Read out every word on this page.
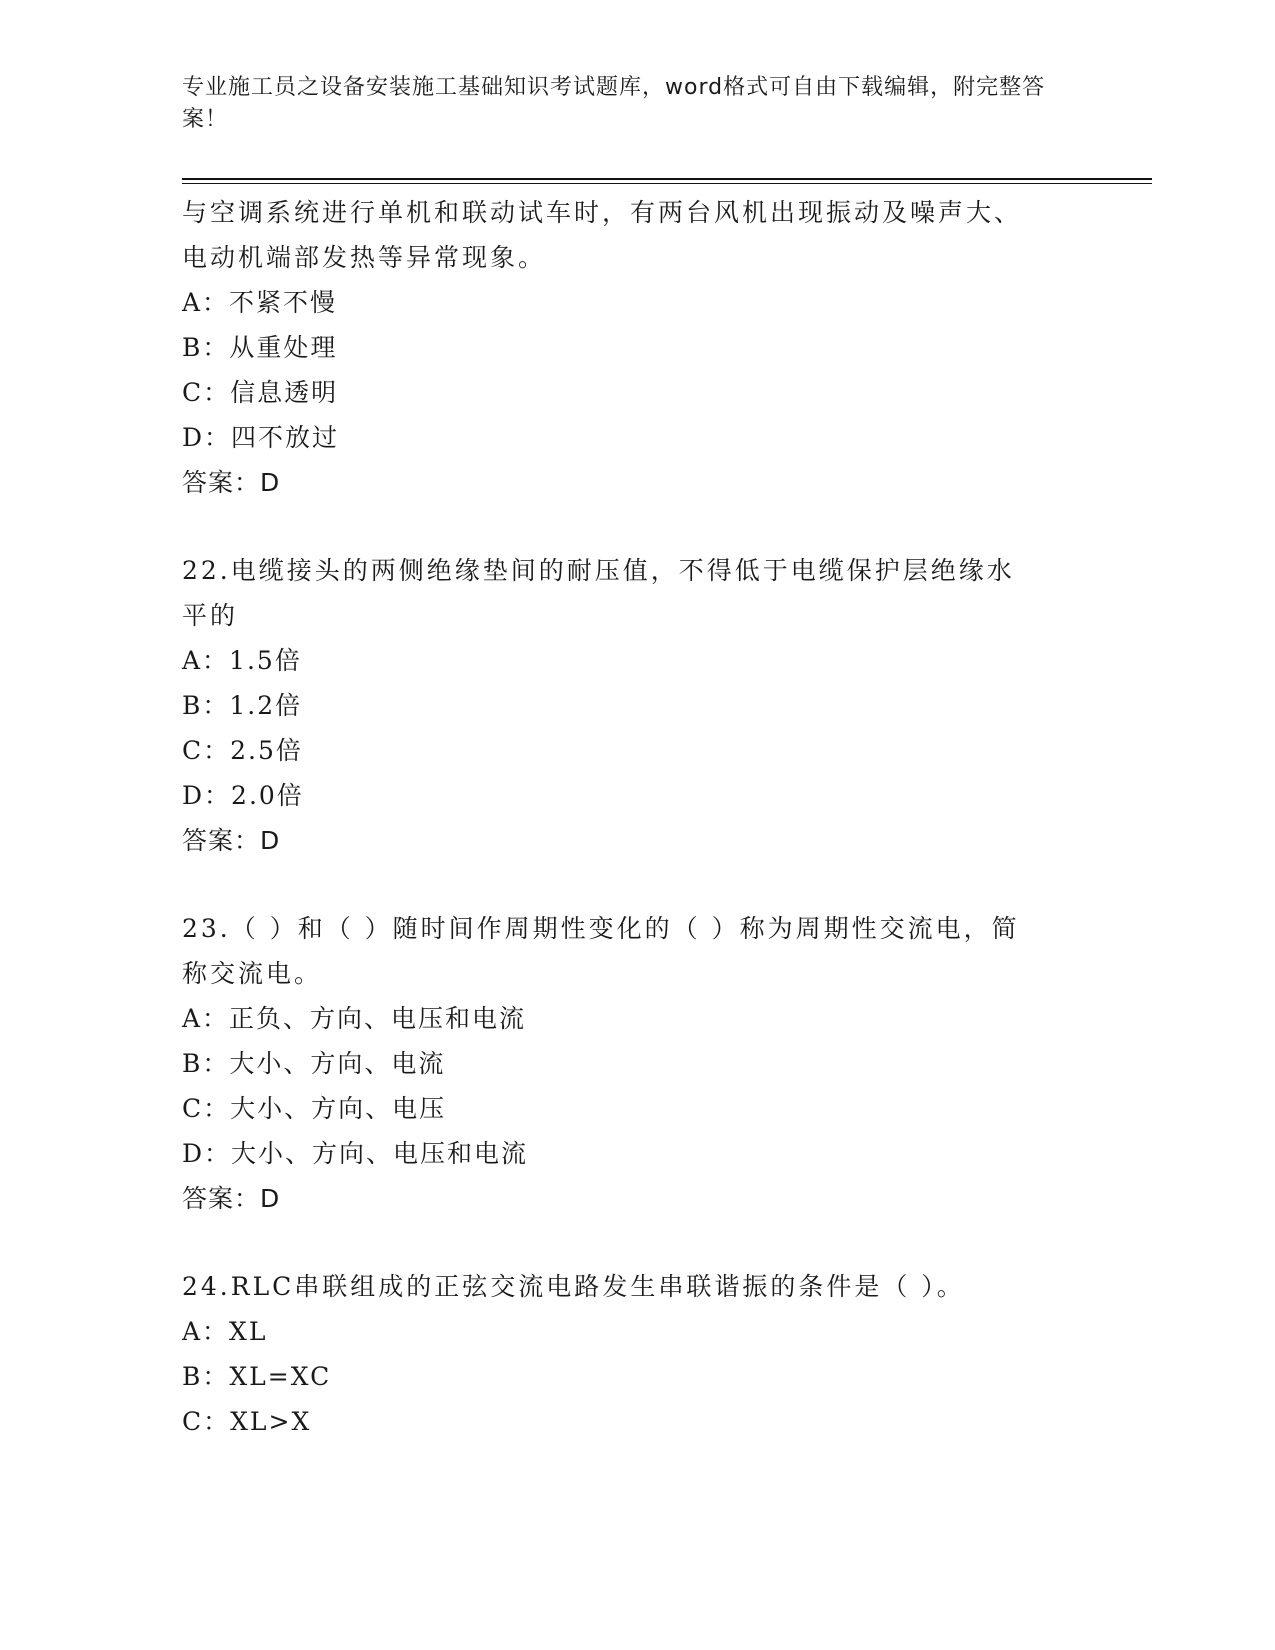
专业施工员之设备安装施工基础知识考试题库，word格式可自由下载编辑，附完整答案！
与空调系统进行单机和联动试车时，有两台风机出现振动及噪声大、
电动机端部发热等异常现象。
A：不紧不慢
B：从重处理
C：信息透明
D：四不放过
答案：D
22.电缆接头的两侧绝缘垫间的耐压值，不得低于电缆保护层绝缘水平的
A：1.5倍
B：1.2倍
C：2.5倍
D：2.0倍
答案：D
23.（ ）和（ ）随时间作周期性变化的（ ）称为周期性交流电，简称交流电。
A：正负、方向、电压和电流
B：大小、方向、电流
C：大小、方向、电压
D：大小、方向、电压和电流
答案：D
24.RLC串联组成的正弦交流电路发生串联谐振的条件是（ ）。
A：XL
B：XL=XC
C：XL>X
